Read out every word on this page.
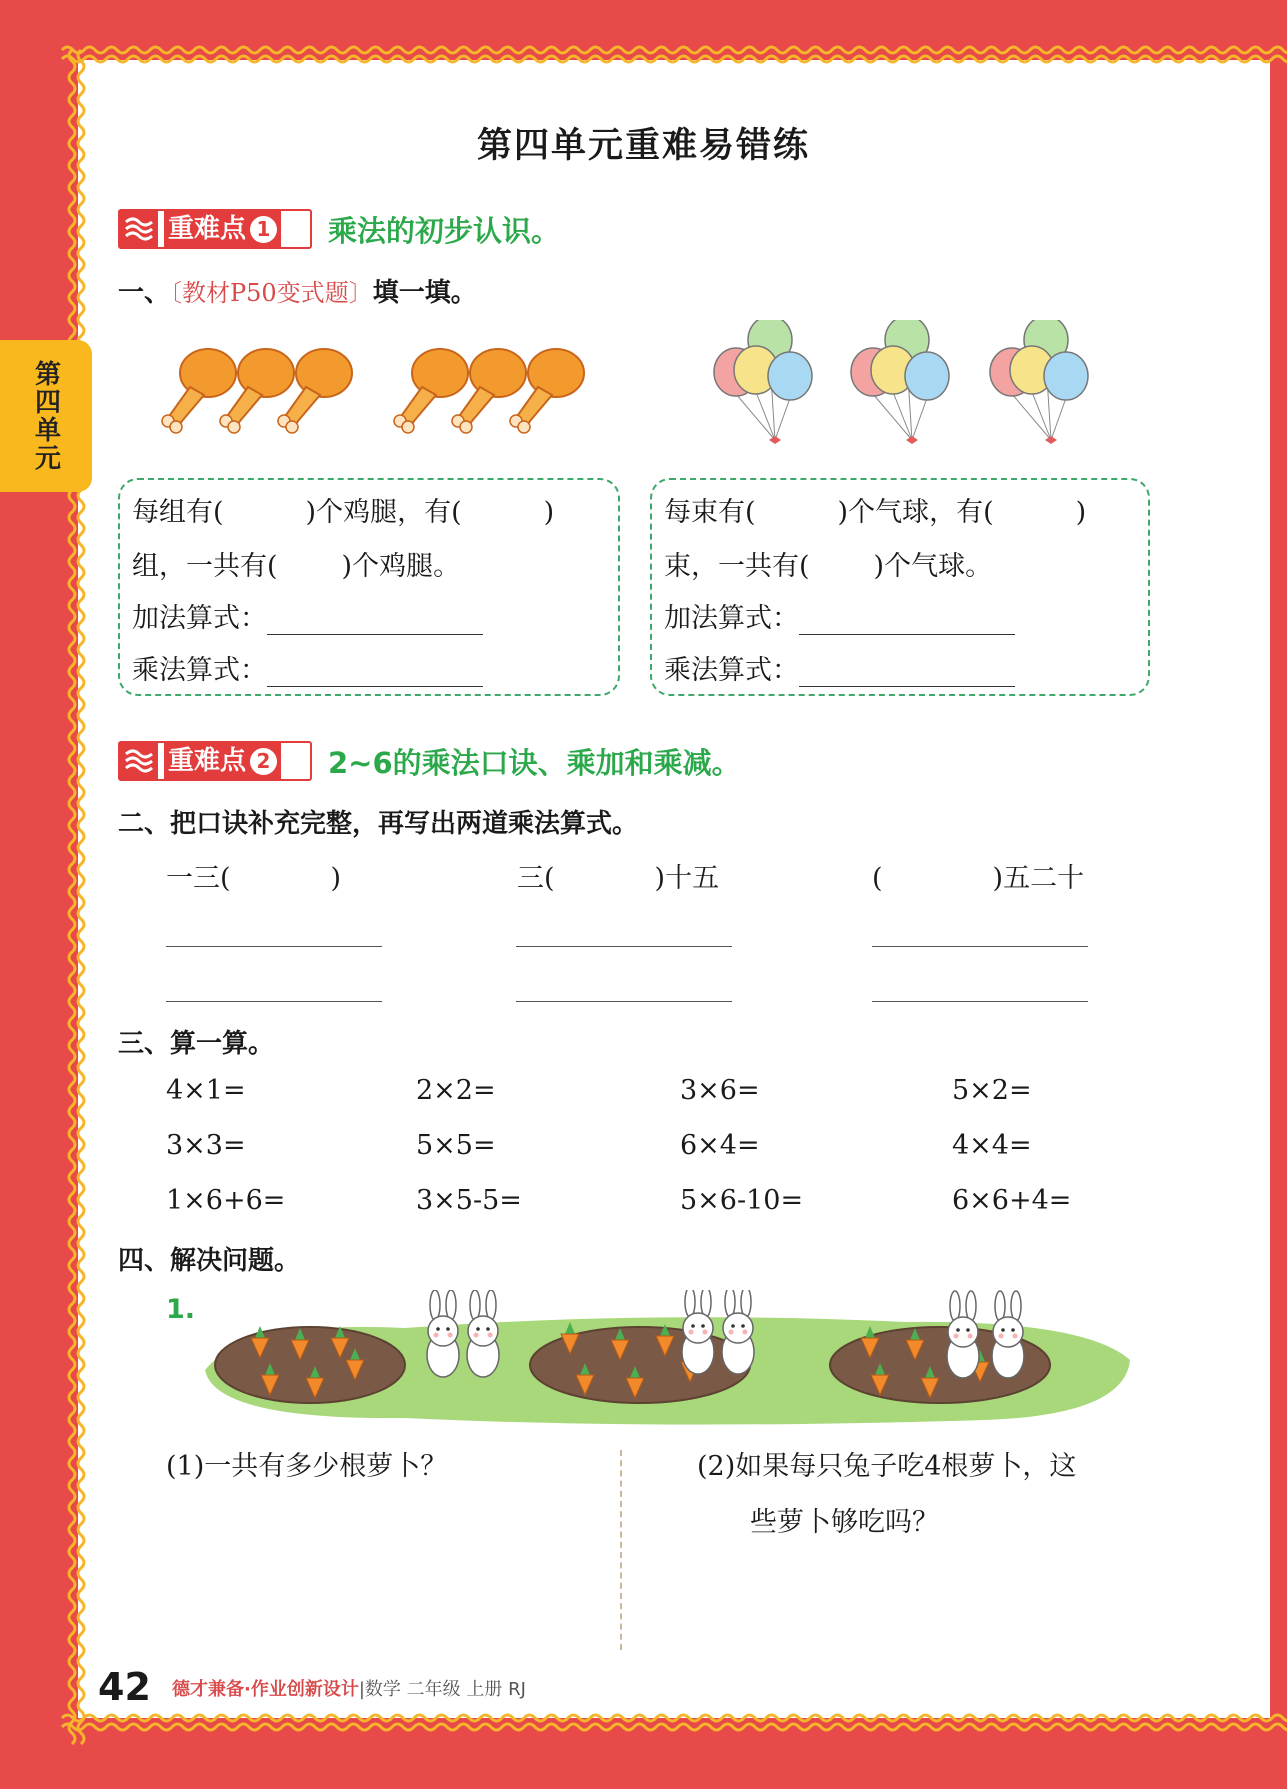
第四单元
第四单元重难易错练
重难点 1 乘法的初步认识。
一、〔教材P50变式题〕填一填。
每组有(	)个鸡腿，有(	)
组，一共有( )个鸡腿。
加法算式：
乘法算式：
每束有(	)个气球，有(	)
束，一共有( )个气球。
加法算式：
乘法算式：
重难点 2 2~6的乘法口诀、乘加和乘减。
二、把口诀补充完整，再写出两道乘法算式。
一三(	)	三(	)十五	(	)五二十
三、算一算。
4×1=	2×2=	3×6=	5×2=
3×3=	5×5=	6×4=	4×4=
1×6+6=	3×5-5=	5×6-10=	6×6+4=
四、解决问题。
1.
(1)一共有多少根萝卜？	(2)如果每只兔子吃4根萝卜，这
些萝卜够吃吗？
42 德才兼备·作业创新设计|数学 二年级 上册 RJ
